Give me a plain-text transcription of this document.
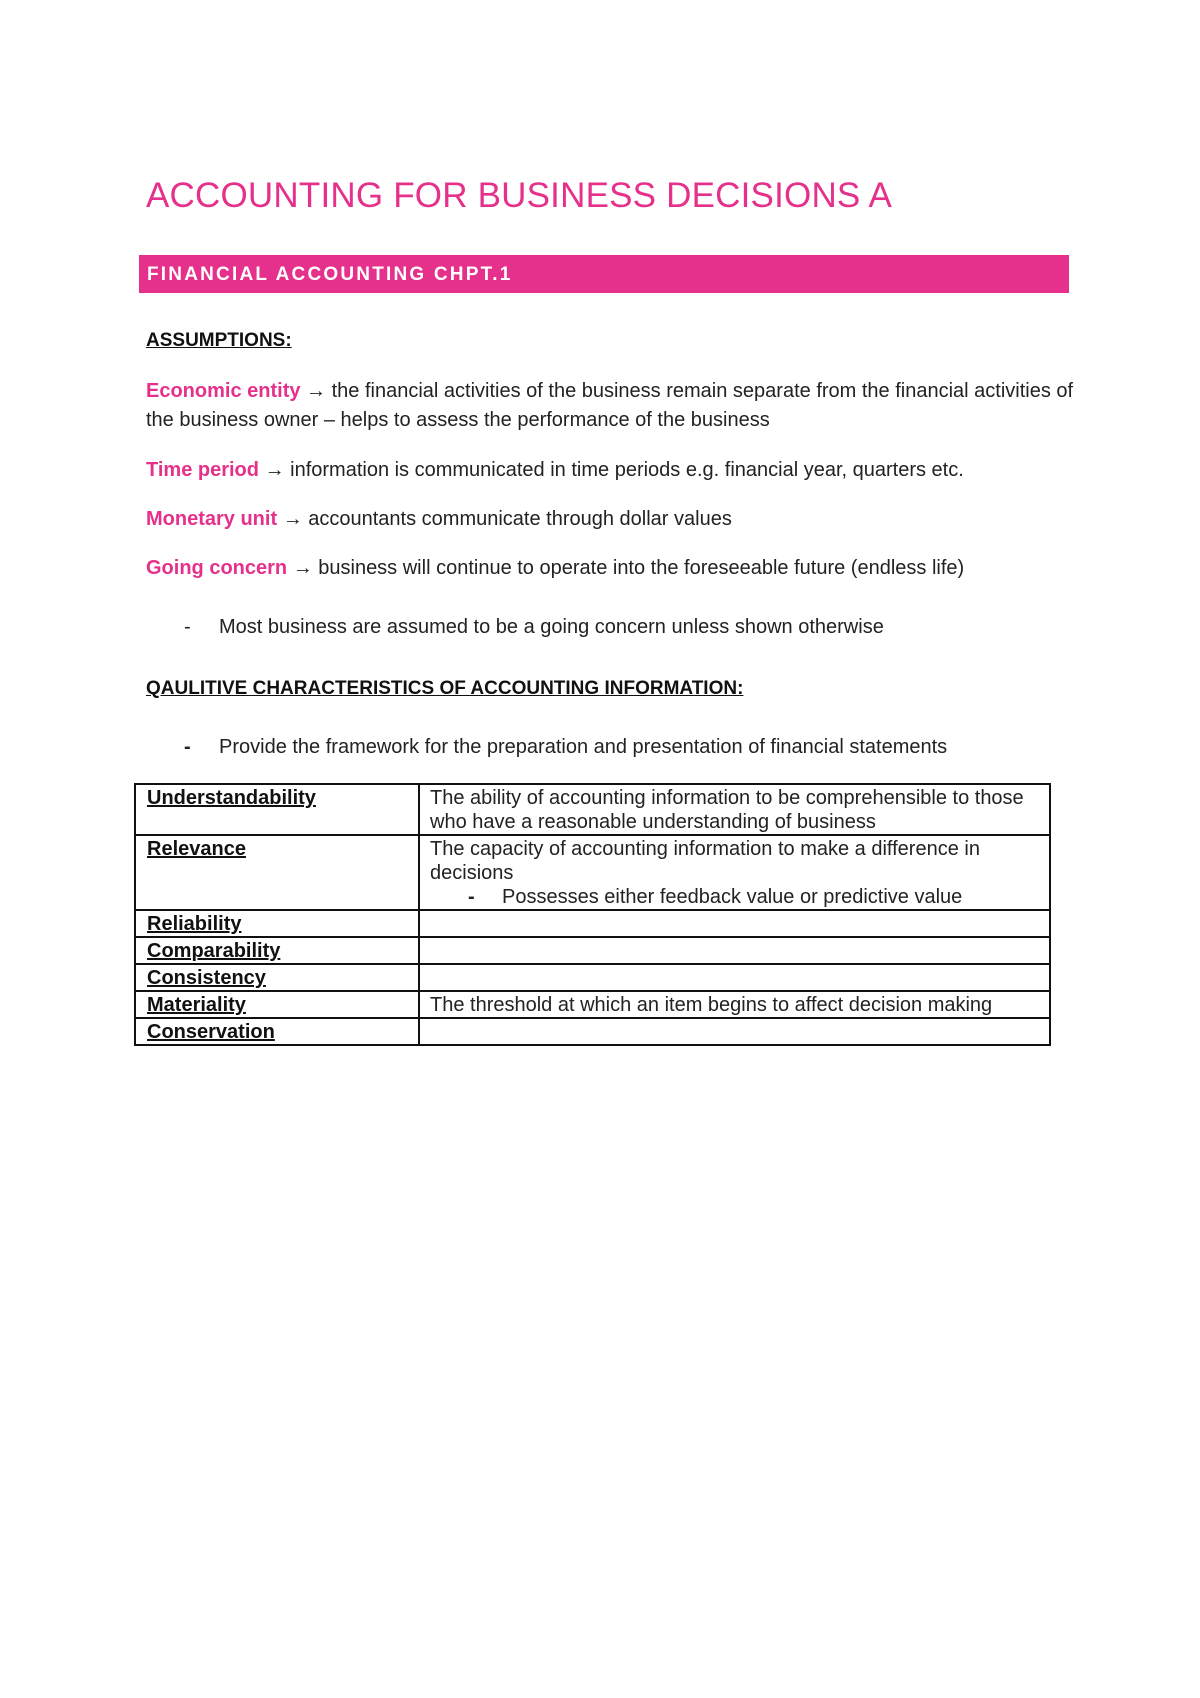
ACCOUNTING FOR BUSINESS DECISIONS A
FINANCIAL ACCOUNTING CHPT.1
ASSUMPTIONS:
Economic entity → the financial activities of the business remain separate from the financial activities of the business owner – helps to assess the performance of the business
Time period → information is communicated in time periods e.g. financial year, quarters etc.
Monetary unit → accountants communicate through dollar values
Going concern → business will continue to operate into the foreseeable future (endless life)
- Most business are assumed to be a going concern unless shown otherwise
QAULITIVE CHARACTERISTICS OF ACCOUNTING INFORMATION:
- Provide the framework for the preparation and presentation of financial statements
Understandability	The ability of accounting information to be comprehensible to those who have a reasonable understanding of business
Relevance	The capacity of accounting information to make a difference in decisions
- Possesses either feedback value or predictive value

Reliability	
Comparability	
Consistency	
Materiality	The threshold at which an item begins to affect decision making
Conservation	
